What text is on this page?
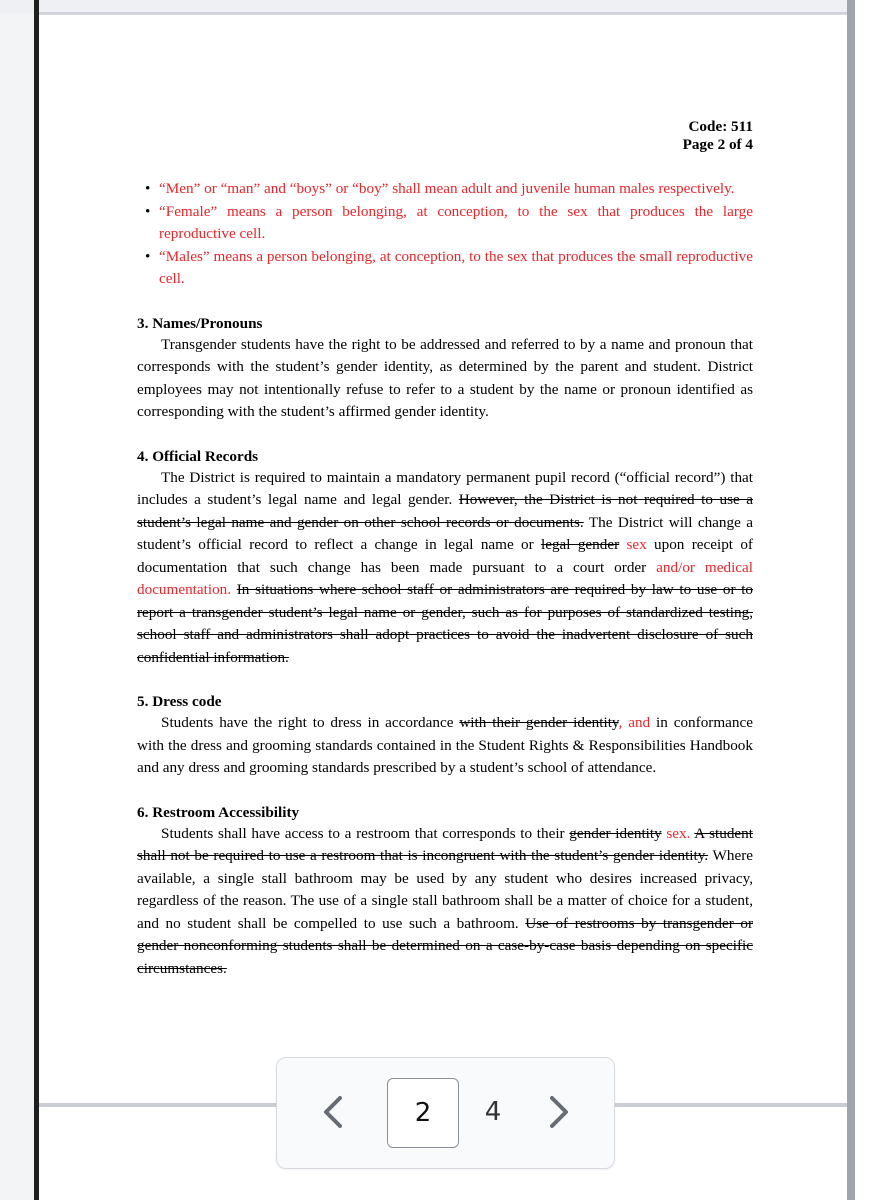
Code: 511
Page 2 of 4
• “Men” or “man” and “boys” or “boy” shall mean adult and juvenile human males respectively.
• “Female” means a person belonging, at conception, to the sex that produces the large reproductive cell.
• “Males” means a person belonging, at conception, to the sex that produces the small reproductive cell.
3. Names/Pronouns

Transgender students have the right to be addressed and referred to by a name and pronoun that corresponds with the student’s gender identity, as determined by the parent and student. District employees may not intentionally refuse to refer to a student by the name or pronoun identified as corresponding with the student’s affirmed gender identity.

4. Official Records

The District is required to maintain a mandatory permanent pupil record (“official record”) that includes a student’s legal name and legal gender. However, the District is not required to use a student’s legal name and gender on other school records or documents. The District will change a student’s official record to reflect a change in legal name or legal gender sex upon receipt of documentation that such change has been made pursuant to a court order and/or medical documentation. In situations where school staff or administrators are required by law to use or to report a transgender student’s legal name or gender, such as for purposes of standardized testing, school staff and administrators shall adopt practices to avoid the inadvertent disclosure of such confidential information.

5. Dress code

Students have the right to dress in accordance with their gender identity, and in conformance with the dress and grooming standards contained in the Student Rights & Responsibilities Handbook and any dress and grooming standards prescribed by a student’s school of attendance.

6. Restroom Accessibility

Students shall have access to a restroom that corresponds to their gender identity sex. A student shall not be required to use a restroom that is incongruent with the student’s gender identity. Where available, a single stall bathroom may be used by any student who desires increased privacy, regardless of the reason. The use of a single stall bathroom shall be a matter of choice for a student, and no student shall be compelled to use such a bathroom. Use of restrooms by transgender or gender nonconforming students shall be determined on a case-by-case basis depending on specific circumstances.

2	4
